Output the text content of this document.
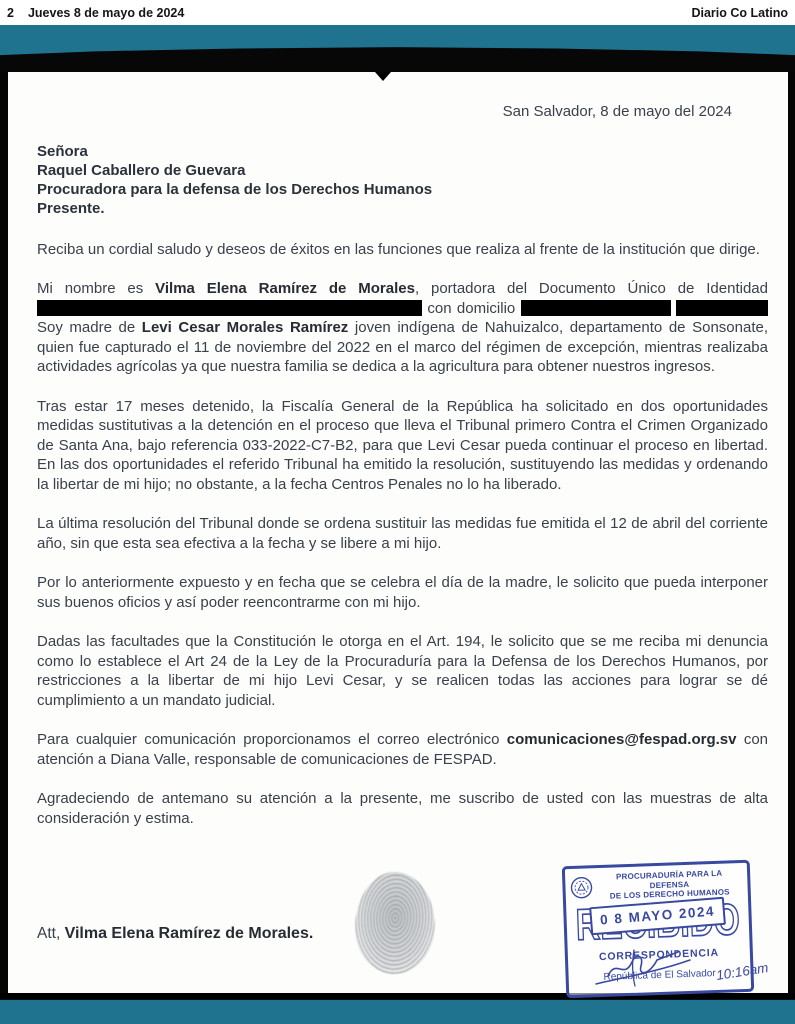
2 Jueves 8 de mayo de 2024	Diario Co Latino

San Salvador, 8 de mayo del 2024

Señora
Raquel Caballero de Guevara
Procuradora para la defensa de los Derechos Humanos
Presente.

Reciba un cordial saludo y deseos de éxitos en las funciones que realiza al frente de la institución que dirige.

Mi nombre es Vilma Elena Ramírez de Morales, portadora del Documento Único de Identidad  con domicilio   Soy madre de Levi Cesar Morales Ramírez joven indígena de Nahuizalco, departamento de Sonsonate, quien fue capturado el 11 de noviembre del 2022 en el marco del régimen de excepción, mientras realizaba actividades agrícolas ya que nuestra familia se dedica a la agricultura para obtener nuestros ingresos.

Tras estar 17 meses detenido, la Fiscalía General de la República ha solicitado en dos oportunidades medidas sustitutivas a la detención en el proceso que lleva el Tribunal primero Contra el Crimen Organizado de Santa Ana, bajo referencia 033-2022-C7-B2, para que Levi Cesar pueda continuar el proceso en libertad. En las dos oportunidades el referido Tribunal ha emitido la resolución, sustituyendo las medidas y ordenando la libertar de mi hijo; no obstante, a la fecha Centros Penales no lo ha liberado.

La última resolución del Tribunal donde se ordena sustituir las medidas fue emitida el 12 de abril del corriente año, sin que esta sea efectiva a la fecha y se libere a mi hijo.

Por lo anteriormente expuesto y en fecha que se celebra el día de la madre, le solicito que pueda interponer sus buenos oficios y así poder reencontrarme con mi hijo.

Dadas las facultades que la Constitución le otorga en el Art. 194, le solicito que se me reciba mi denuncia como lo establece el Art 24 de la Ley de la Procuraduría para la Defensa de los Derechos Humanos, por restricciones a la libertar de mi hijo Levi Cesar, y se realicen todas las acciones para lograr se dé cumplimiento a un mandato judicial.

Para cualquier comunicación proporcionamos el correo electrónico comunicaciones@fespad.org.sv con atención a Diana Valle, responsable de comunicaciones de FESPAD.

Agradeciendo de antemano su atención a la presente, me suscribo de usted con las muestras de alta consideración y estima.

Att, Vilma Elena Ramírez de Morales.
PROCURADURÍA PARA LA DEFENSA
DE LOS DERECHO HUMANOS
0 8 MAYO 2024
CORRESPONDENCIA
República de El Salvador 10:16am
